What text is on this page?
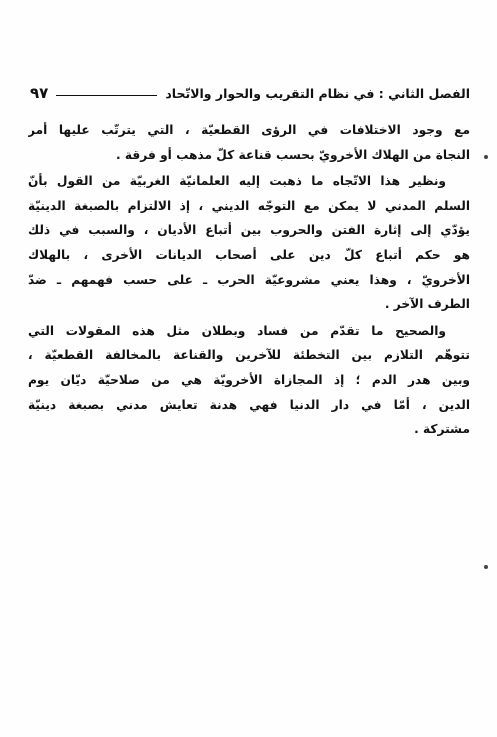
الفصل الثاني : في نظام التقريب والحوار والاتّحاد
٩٧

مع وجود الاختلافات في الرؤى القطعيّة ، التي يترتّب عليها أمر
النجاة من الهلاك الأخرويّ بحسب قناعة كلّ مذهب أو فرقة .

ونظير هذا الاتّجاه ما ذهبت إليه العلمانيّة الغربيّة من القول بأنّ
السلم المدني لا يمكن مع التوجّه الديني ، إذ الالتزام بالصبغة الدينيّة
يؤدّي إلى إثارة الفتن والحروب بين أتباع الأديان ، والسبب في ذلك
هو حكم أتباع كلّ دين على أصحاب الديانات الأخرى ، بالهلاك
الأخرويّ ، وهذا يعني مشروعيّة الحرب ـ على حسب فهمهم ـ ضدّ
الطرف الآخر .

والصحيح ما تقدّم من فساد وبطلان مثل هذه المقولات التي
تتوهّم التلازم بين التخطئة للآخرين والقناعة بالمخالفة القطعيّة ،
وبين هدر الدم ؛ إذ المجازاة الأخرويّة هي من صلاحيّة ديّان يوم
الدين ، أمّا في دار الدنيا فهي هدنة تعايش مدني بصبغة دينيّة
مشتركة .
